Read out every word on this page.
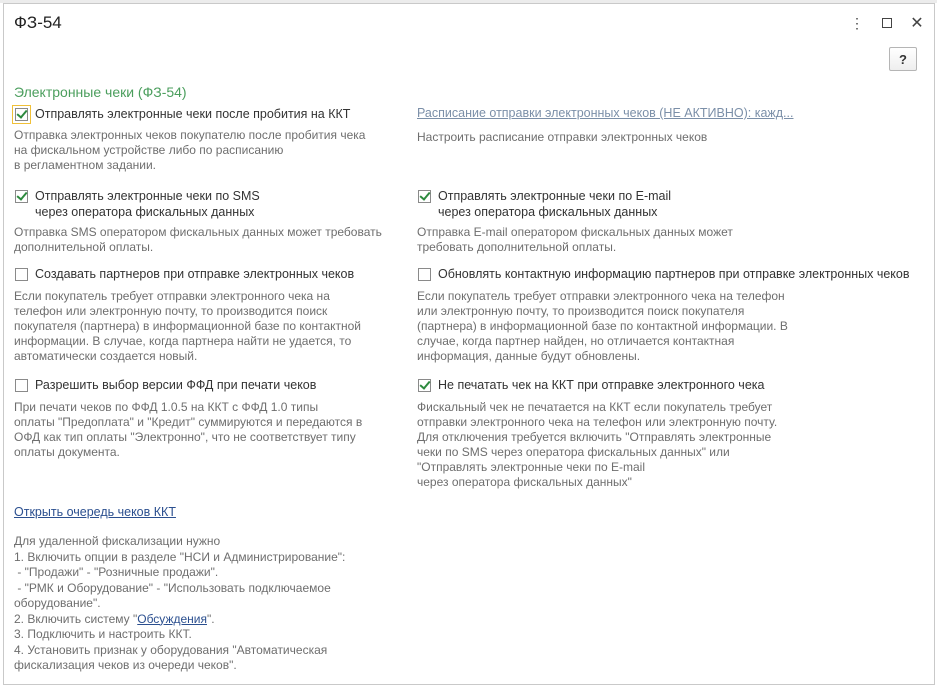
ФЗ-54	⋮	✕
?
Электронные чеки (ФЗ-54)
Отправлять электронные чеки после пробития на ККТ
Отправка электронных чеков покупателю после пробития чека
на фискальном устройстве либо по расписанию
в регламентном задании.
Расписание отправки электронных чеков (НЕ АКТИВНО): кажд...
Настроить расписание отправки электронных чеков
Отправлять электронные чеки по SMS
через оператора фискальных данных
Отправка SMS оператором фискальных данных может требовать
дополнительной оплаты.
Отправлять электронные чеки по E-mail
через оператора фискальных данных
Отправка E-mail оператором фискальных данных может
требовать дополнительной оплаты.
Создавать партнеров при отправке электронных чеков
Если покупатель требует отправки электронного чека на
телефон или электронную почту, то производится поиск
покупателя (партнера) в информационной базе по контактной
информации. В случае, когда партнера найти не удается, то
автоматически создается новый.
Обновлять контактную информацию партнеров при отправке электронных чеков
Если покупатель требует отправки электронного чека на телефон
или электронную почту, то производится поиск покупателя
(партнера) в информационной базе по контактной информации. В
случае, когда партнер найден, но отличается контактная
информация, данные будут обновлены.
Разрешить выбор версии ФФД при печати чеков
При печати чеков по ФФД 1.0.5 на ККТ с ФФД 1.0 типы
оплаты "Предоплата" и "Кредит" суммируются и передаются в
ОФД как тип оплаты "Электронно", что не соответствует типу
оплаты документа.
Не печатать чек на ККТ при отправке электронного чека
Фискальный чек не печатается на ККТ если покупатель требует
отправки электронного чека на телефон или электронную почту.
Для отключения требуется включить "Отправлять электронные
чеки по SMS через оператора фискальных данных" или
"Отправлять электронные чеки по E-mail
через оператора фискальных данных"
Открыть очередь чеков ККТ
Для удаленной фискализации нужно
1. Включить опции в разделе "НСИ и Администрирование":
- "Продажи" - "Розничные продажи".
- "РМК и Оборудование" - "Использовать подключаемое
оборудование".
2. Включить систему "Обсуждения".
3. Подключить и настроить ККТ.
4. Установить признак у оборудования "Автоматическая
фискализация чеков из очереди чеков".
